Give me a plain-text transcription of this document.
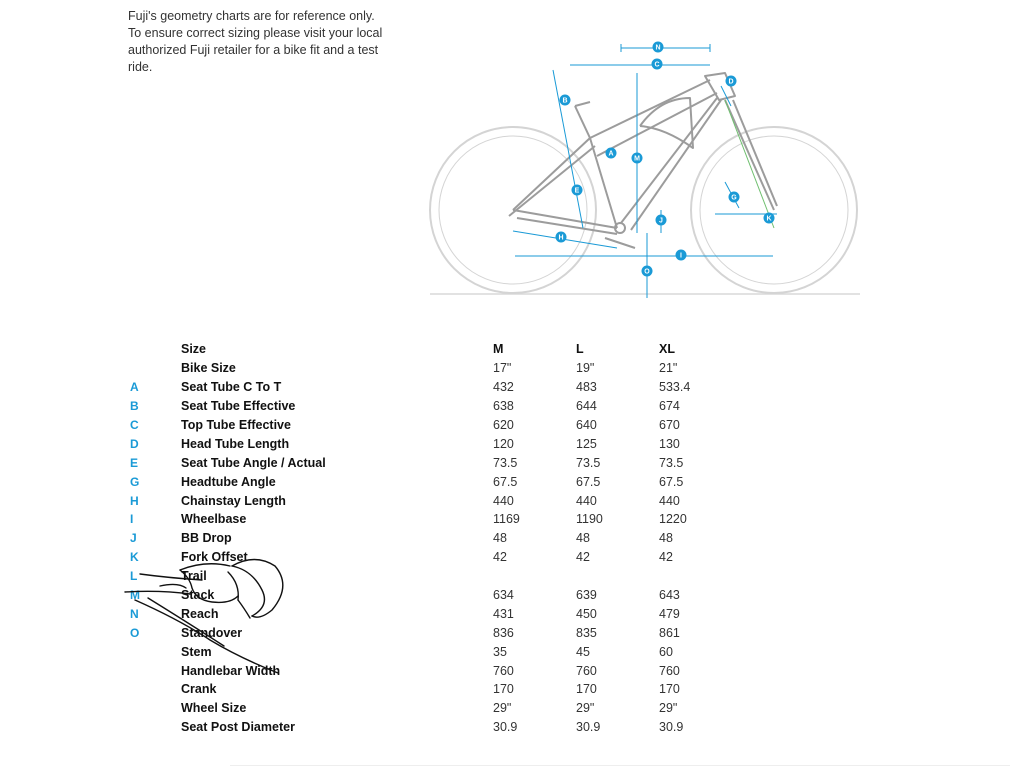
Fuji's geometry charts are for reference only.

To ensure correct sizing please visit your local

authorized Fuji retailer for a bike fit and a test

ride.

N
C
D
B
M
A
E
G
K
J
H
I
O
	Size	M	L	XL
	Bike Size	17"	19"	21"
A	Seat Tube C To T	432	483	533.4
B	Seat Tube Effective	638	644	674
C	Top Tube Effective	620	640	670
D	Head Tube Length	120	125	130
E	Seat Tube Angle / Actual	73.5	73.5	73.5
G	Headtube Angle	67.5	67.5	67.5
H	Chainstay Length	440	440	440
I	Wheelbase	1169	1190	1220
J	BB Drop	48	48	48
K	Fork Offset	42	42	42
L	Trail			
M	Stack	634	639	643
N	Reach	431	450	479
O	Standover	836	835	861
	Stem	35	45	60
	Handlebar Width	760	760	760
	Crank	170	170	170
	Wheel Size	29"	29"	29"
	Seat Post Diameter	30.9	30.9	30.9
